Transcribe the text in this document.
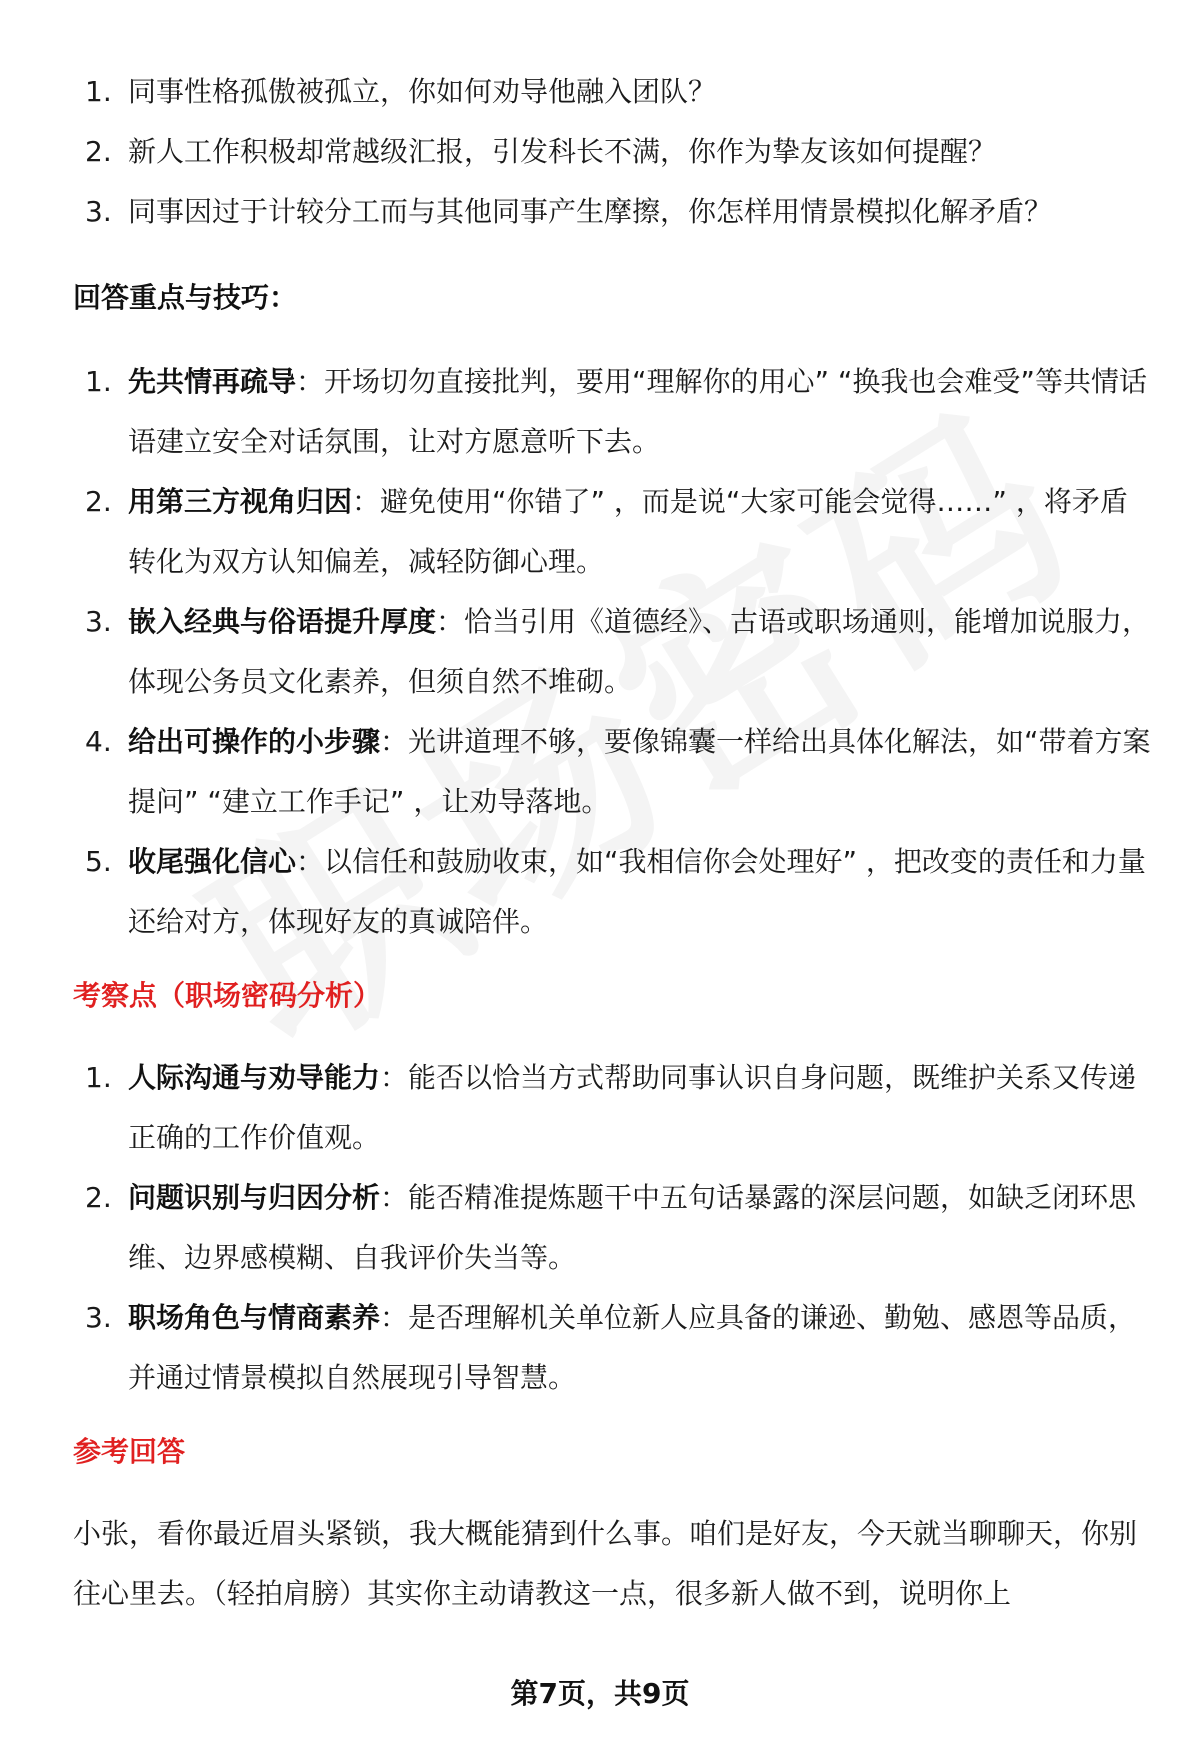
1. 同事性格孤傲被孤立，你如何劝导他融入团队？
2. 新人工作积极却常越级汇报，引发科长不满，你作为挚友该如何提醒？
3. 同事因过于计较分工而与其他同事产生摩擦，你怎样用情景模拟化解矛盾？
回答重点与技巧：
1. 先共情再疏导：开场切勿直接批判，要用“理解你的用心” “换我也会难受”等共情话语建立安全对话氛围，让对方愿意听下去。
2. 用第三方视角归因：避免使用“你错了” ，而是说“大家可能会觉得……” ，将矛盾转化为双方认知偏差，减轻防御心理。
3. 嵌入经典与俗语提升厚度：恰当引用《道德经》、古语或职场通则，能增加说服力，体现公务员文化素养，但须自然不堆砌。
4. 给出可操作的小步骤：光讲道理不够，要像锦囊一样给出具体化解法，如“带着方案提问” “建立工作手记” ，让劝导落地。
5. 收尾强化信心：以信任和鼓励收束，如“我相信你会处理好” ，把改变的责任和力量还给对方，体现好友的真诚陪伴。
考察点（职场密码分析）
1. 人际沟通与劝导能力：能否以恰当方式帮助同事认识自身问题，既维护关系又传递正确的工作价值观。
2. 问题识别与归因分析：能否精准提炼题干中五句话暴露的深层问题，如缺乏闭环思维、边界感模糊、自我评价失当等。
3. 职场角色与情商素养：是否理解机关单位新人应具备的谦逊、勤勉、感恩等品质，并通过情景模拟自然展现引导智慧。
参考回答

小张，看你最近眉头紧锁，我大概能猜到什么事。咱们是好友，今天就当聊聊天，你别往心里去。（轻拍肩膀）其实你主动请教这一点，很多新人做不到，说明你上

第7页，共9页
